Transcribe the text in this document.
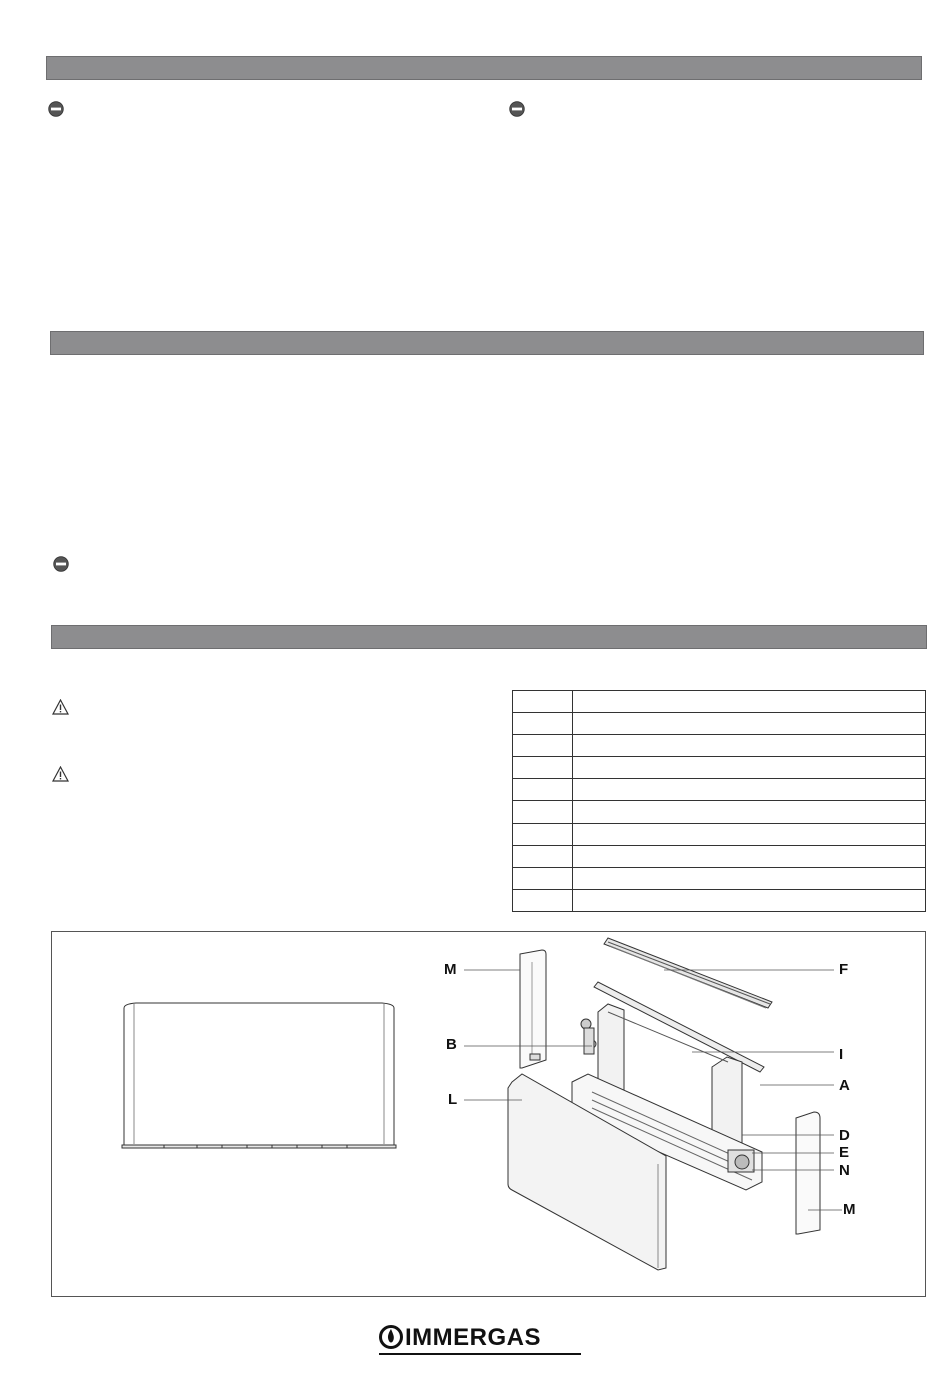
M	F
B
I
A
L
D
E
N
M
IMMERGAS
